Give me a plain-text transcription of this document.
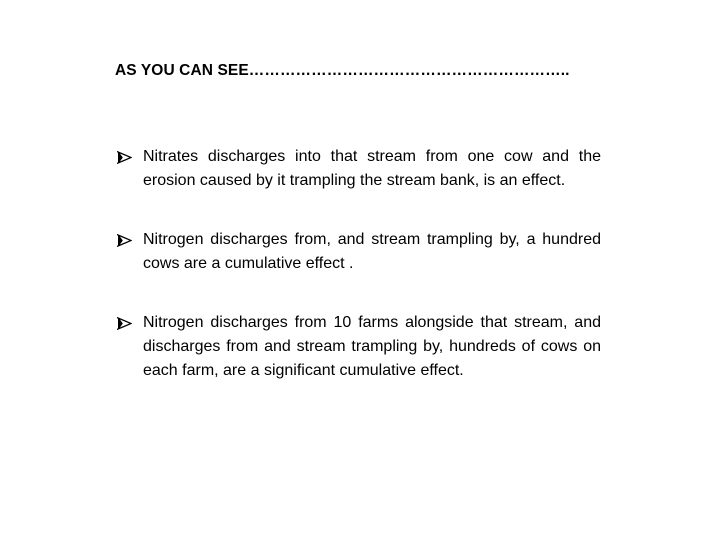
AS YOU CAN SEE……………………………………………………..
Nitrates discharges into that stream from one cow and the erosion caused by it trampling the stream bank, is an effect.
Nitrogen discharges from, and stream trampling by, a hundred cows are a cumulative effect .
Nitrogen discharges from 10 farms alongside that stream, and discharges from and stream trampling by, hundreds of cows on each farm, are a significant cumulative effect.
